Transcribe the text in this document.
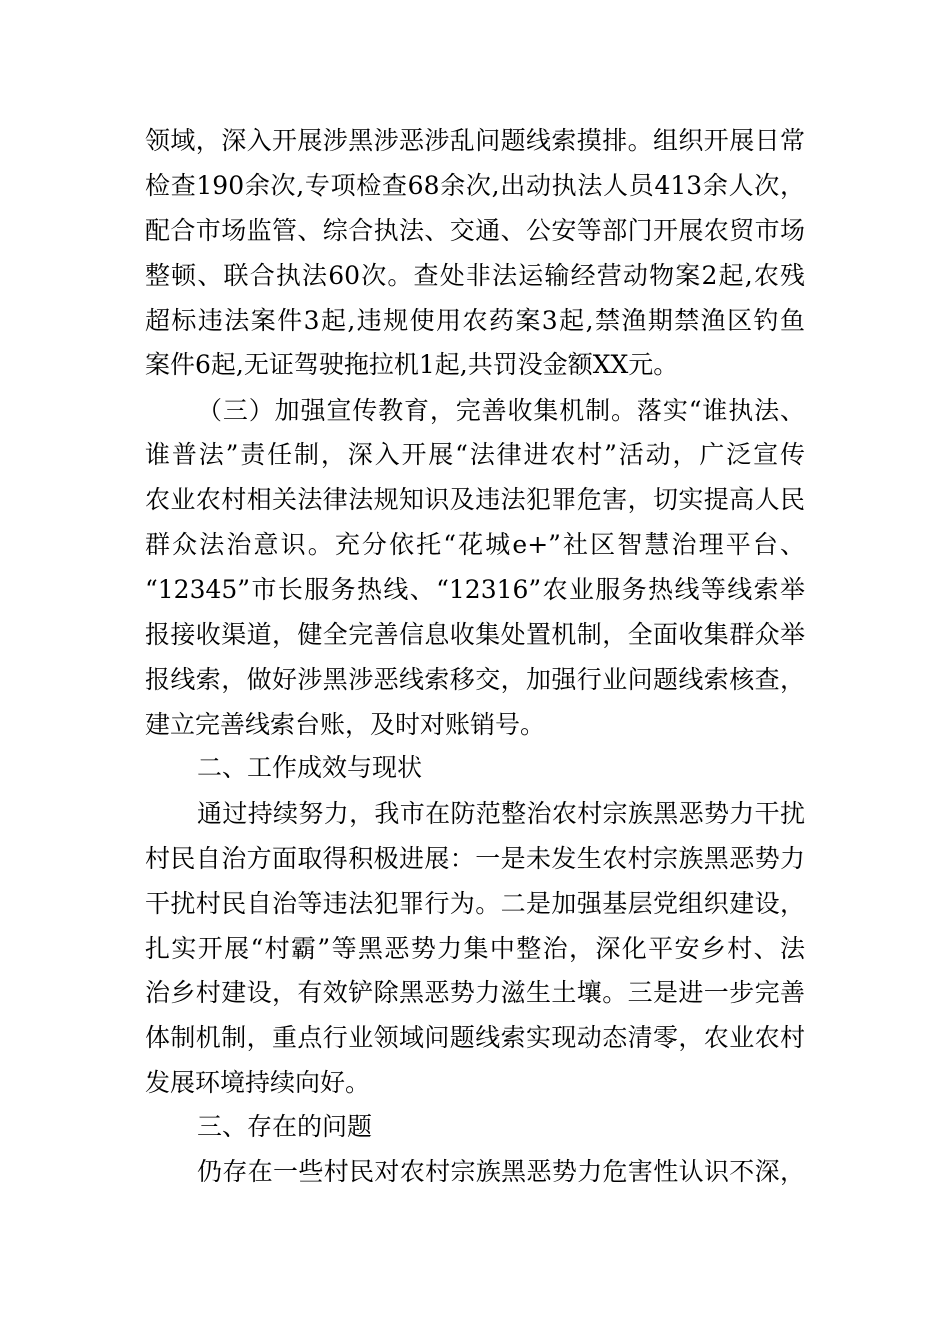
领域，深入开展涉黑涉恶涉乱问题线索摸排。组织开展日常
检查190余次,专项检查68余次,出动执法人员413余人次，
配合市场监管、综合执法、交通、公安等部门开展农贸市场
整顿、联合执法60次。查处非法运输经营动物案2起,农残
超标违法案件3起,违规使用农药案3起,禁渔期禁渔区钓鱼
案件6起,无证驾驶拖拉机1起,共罚没金额XX元。
（三）加强宣传教育，完善收集机制。落实“谁执法、
谁普法”责任制，深入开展“法律进农村”活动，广泛宣传
农业农村相关法律法规知识及违法犯罪危害，切实提高人民
群众法治意识。充分依托“花城e+”社区智慧治理平台、
“12345”市长服务热线、“12316”农业服务热线等线索举
报接收渠道，健全完善信息收集处置机制，全面收集群众举
报线索，做好涉黑涉恶线索移交，加强行业问题线索核查，
建立完善线索台账，及时对账销号。
二、工作成效与现状
通过持续努力，我市在防范整治农村宗族黑恶势力干扰
村民自治方面取得积极进展：一是未发生农村宗族黑恶势力
干扰村民自治等违法犯罪行为。二是加强基层党组织建设，
扎实开展“村霸”等黑恶势力集中整治，深化平安乡村、法
治乡村建设，有效铲除黑恶势力滋生土壤。三是进一步完善
体制机制，重点行业领域问题线索实现动态清零，农业农村
发展环境持续向好。
三、存在的问题
仍存在一些村民对农村宗族黑恶势力危害性认识不深，
